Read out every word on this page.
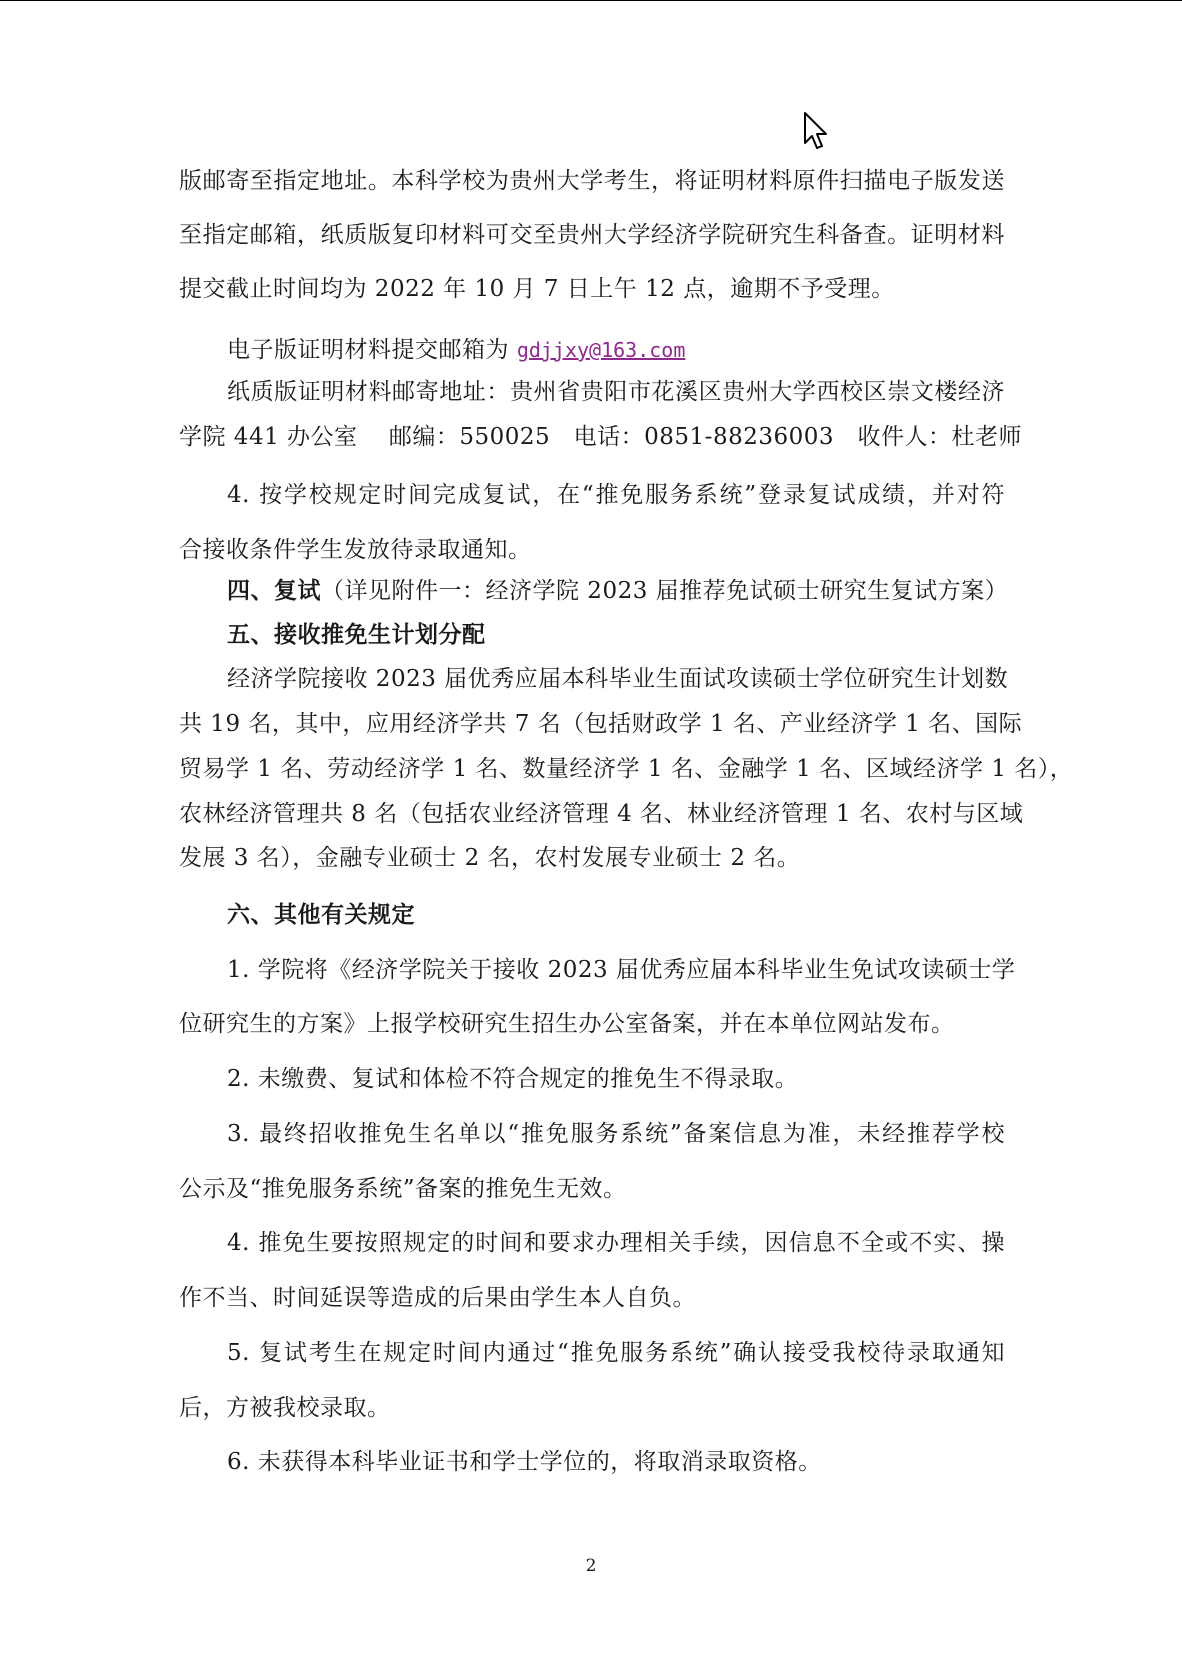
版邮寄至指定地址。本科学校为贵州大学考生，将证明材料原件扫描电子版发送
至指定邮箱，纸质版复印材料可交至贵州大学经济学院研究生科备查。证明材料
提交截止时间均为 2022 年 10 月 7 日上午 12 点，逾期不予受理。
电子版证明材料提交邮箱为 gdjjxy@163.com
纸质版证明材料邮寄地址：贵州省贵阳市花溪区贵州大学西校区崇文楼经济
学院 441 办公室　 邮编：550025　电话：0851-88236003　收件人：杜老师
4. 按学校规定时间完成复试，在“推免服务系统”登录复试成绩，并对符
合接收条件学生发放待录取通知。
四、复试（详见附件一：经济学院 2023 届推荐免试硕士研究生复试方案）
五、接收推免生计划分配
经济学院接收 2023 届优秀应届本科毕业生面试攻读硕士学位研究生计划数
共 19 名，其中，应用经济学共 7 名（包括财政学 1 名、产业经济学 1 名、国际
贸易学 1 名、劳动经济学 1 名、数量经济学 1 名、金融学 1 名、区域经济学 1 名），
农林经济管理共 8 名（包括农业经济管理 4 名、林业经济管理 1 名、农村与区域
发展 3 名），金融专业硕士 2 名，农村发展专业硕士 2 名。
六、其他有关规定
1. 学院将《经济学院关于接收 2023 届优秀应届本科毕业生免试攻读硕士学
位研究生的方案》上报学校研究生招生办公室备案，并在本单位网站发布。
2. 未缴费、复试和体检不符合规定的推免生不得录取。
3. 最终招收推免生名单以“推免服务系统”备案信息为准，未经推荐学校
公示及“推免服务系统”备案的推免生无效。
4. 推免生要按照规定的时间和要求办理相关手续，因信息不全或不实、操
作不当、时间延误等造成的后果由学生本人自负。
5. 复试考生在规定时间内通过“推免服务系统”确认接受我校待录取通知
后，方被我校录取。
6. 未获得本科毕业证书和学士学位的，将取消录取资格。
2
